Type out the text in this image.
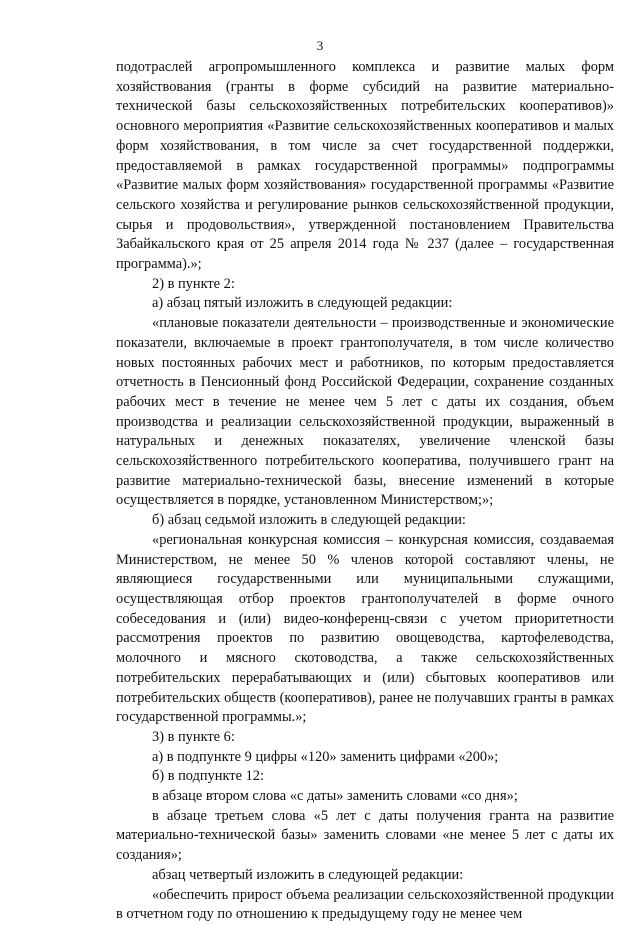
3

подотраслей агропромышленного комплекса и развитие малых форм хозяйствования (гранты в форме субсидий на развитие материально-технической базы сельскохозяйственных потребительских кооперативов)» основного мероприятия «Развитие сельскохозяйственных кооперативов и малых форм хозяйствования, в том числе за счет государственной поддержки, предоставляемой в рамках государственной программы» подпрограммы «Развитие малых форм хозяйствования» государственной программы «Развитие сельского хозяйства и регулирование рынков сельскохозяйственной продукции, сырья и продовольствия», утвержденной постановлением Правительства Забайкальского края от 25 апреля 2014 года № 237 (далее – государственная программа).»;

2) в пункте 2:

а) абзац пятый изложить в следующей редакции:

«плановые показатели деятельности – производственные и экономические показатели, включаемые в проект грантополучателя, в том числе количество новых постоянных рабочих мест и работников, по которым предоставляется отчетность в Пенсионный фонд Российской Федерации, сохранение созданных рабочих мест в течение не менее чем 5 лет с даты их создания, объем производства и реализации сельскохозяйственной продукции, выраженный в натуральных и денежных показателях, увеличение членской базы сельскохозяйственного потребительского кооператива, получившего грант на развитие материально-технической базы, внесение изменений в которые осуществляется в порядке, установленном Министерством;»;

б) абзац седьмой изложить в следующей редакции:

«региональная конкурсная комиссия – конкурсная комиссия, создаваемая Министерством, не менее 50 % членов которой составляют члены, не являющиеся государственными или муниципальными служащими, осуществляющая отбор проектов грантополучателей в форме очного собеседования и (или) видео-конференц-связи с учетом приоритетности рассмотрения проектов по развитию овощеводства, картофелеводства, молочного и мясного скотоводства, а также сельскохозяйственных потребительских перерабатывающих и (или) сбытовых кооперативов или потребительских обществ (кооперативов), ранее не получавших гранты в рамках государственной программы.»;

3) в пункте 6:

а) в подпункте 9 цифры «120» заменить цифрами «200»;

б) в подпункте 12:

в абзаце втором слова «с даты» заменить словами «со дня»;

в абзаце третьем слова «5 лет с даты получения гранта на развитие материально-технической базы» заменить словами «не менее 5 лет с даты их создания»;

абзац четвертый изложить в следующей редакции:

«обеспечить прирост объема реализации сельскохозяйственной продукции в отчетном году по отношению к предыдущему году не менее чем
